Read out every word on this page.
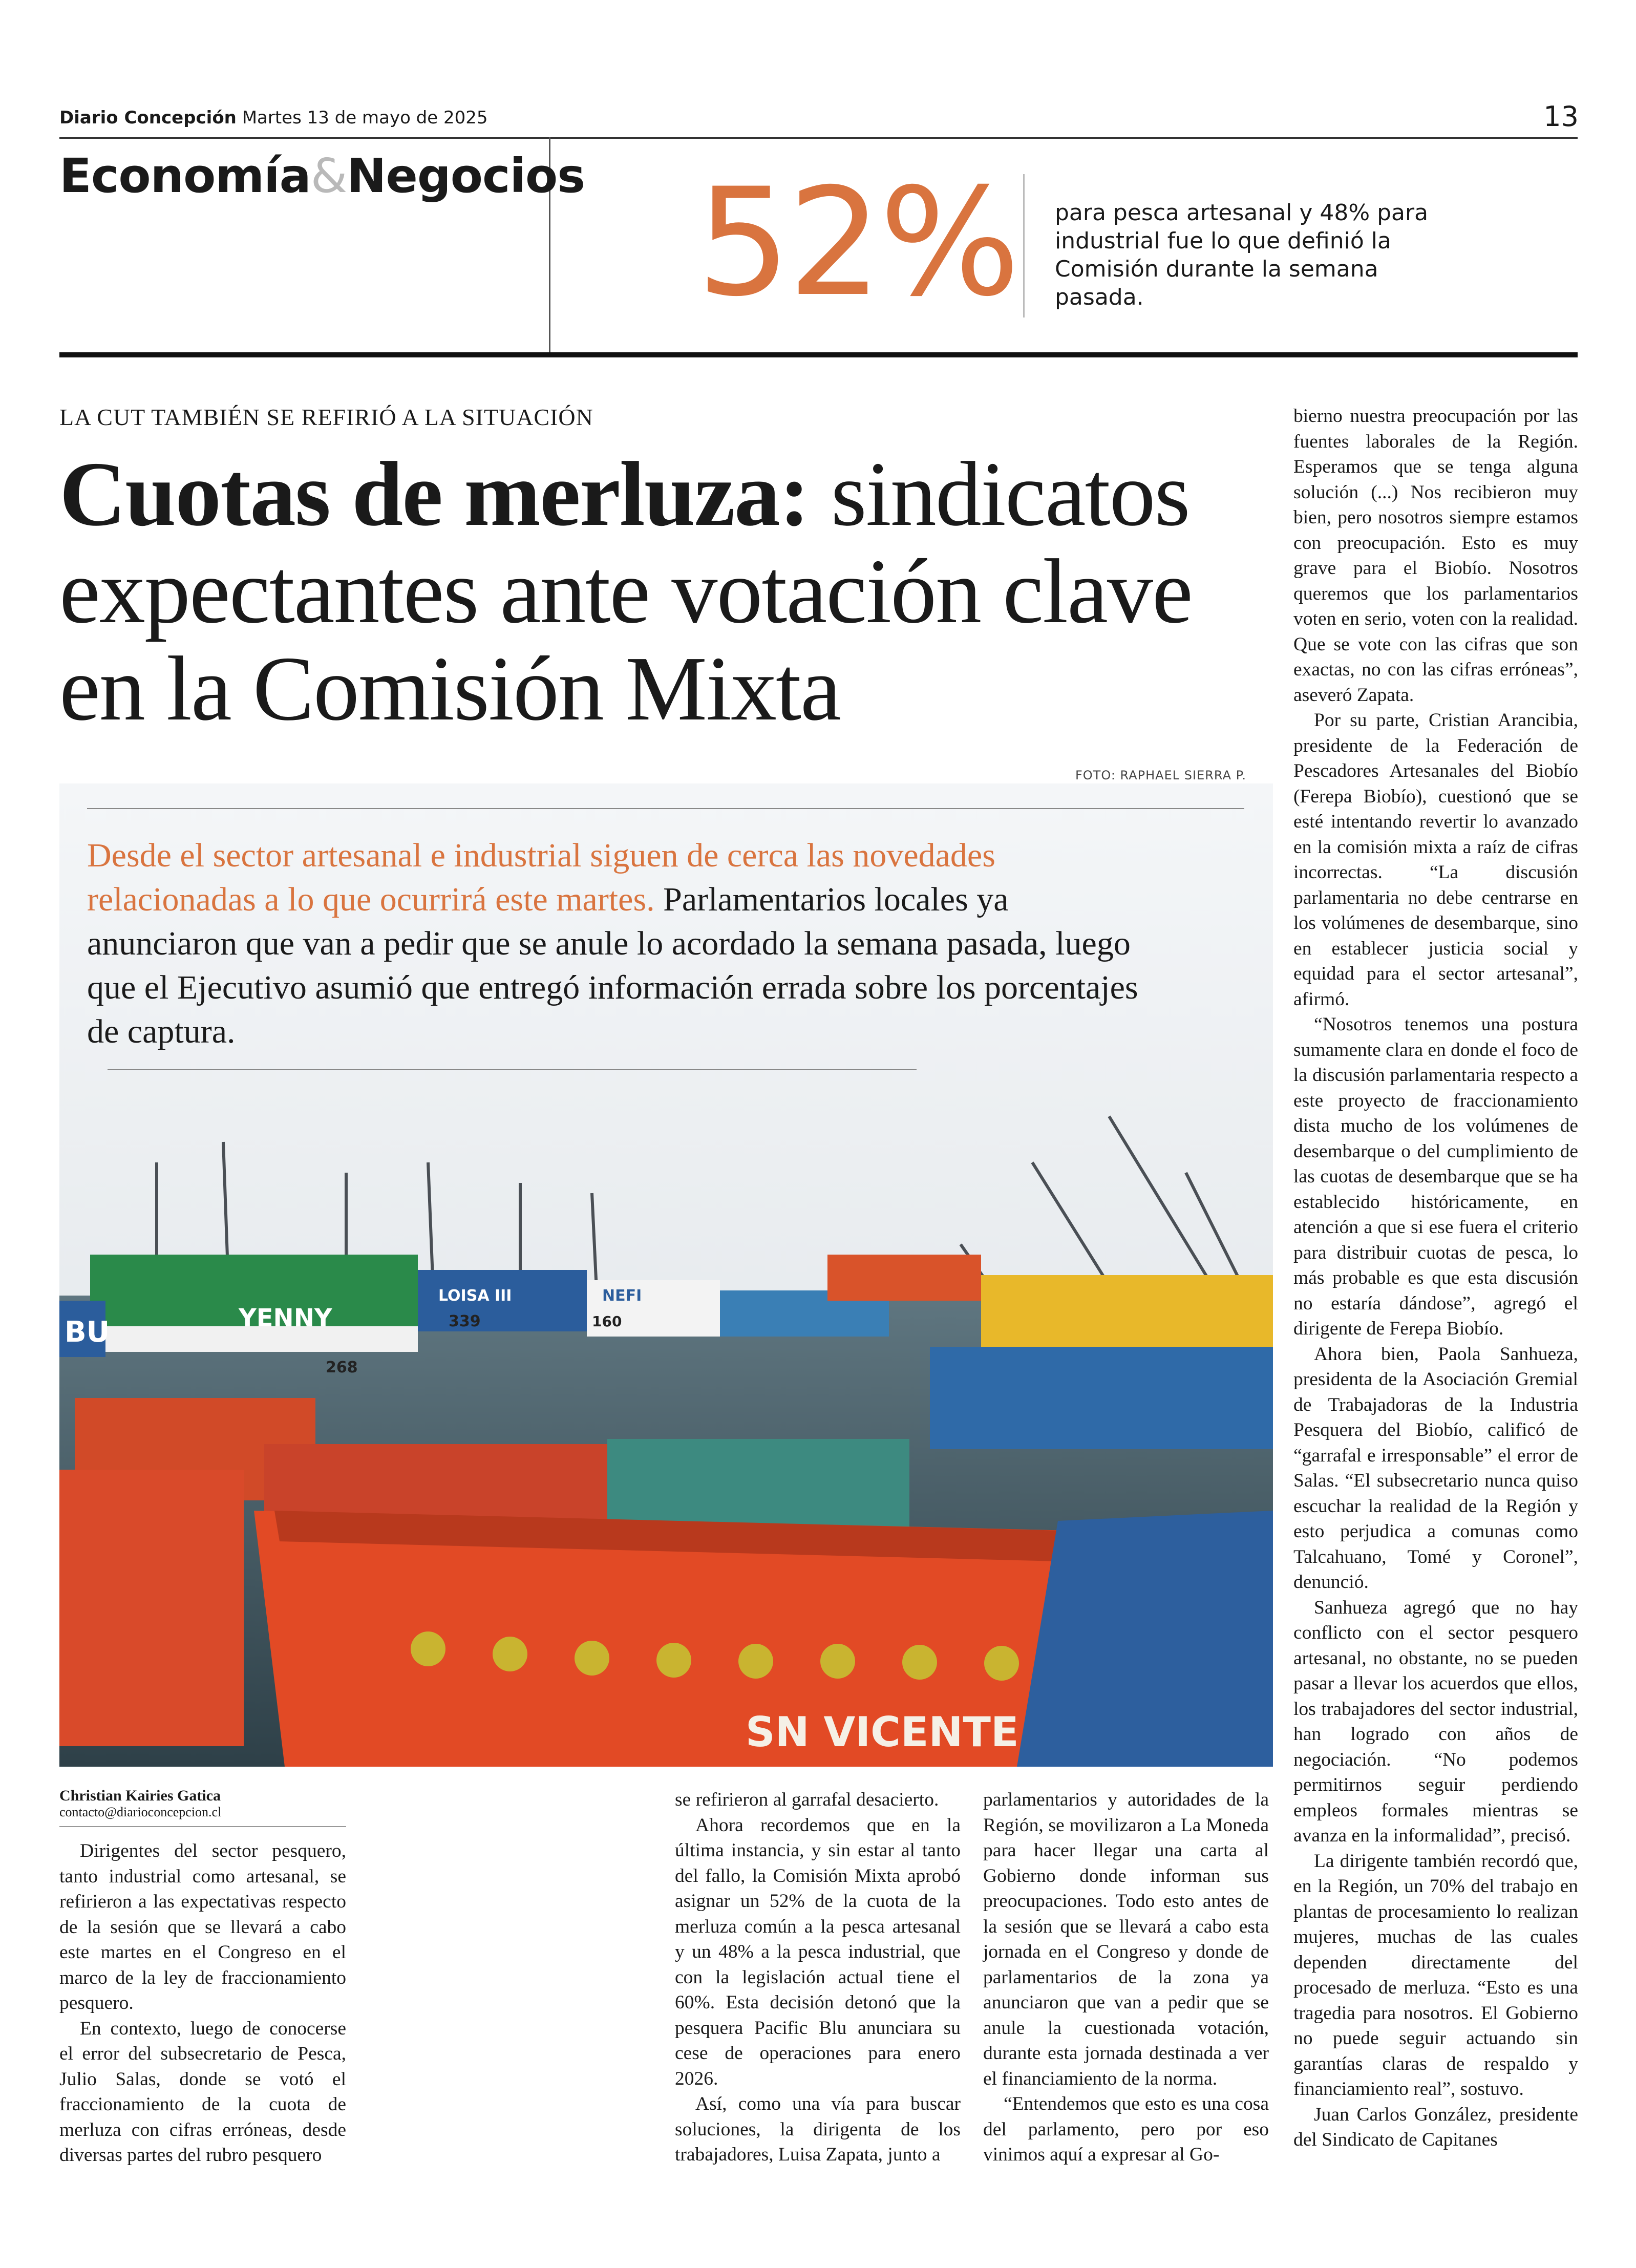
Diario Concepción Martes 13 de mayo de 2025	13
Economía&Negocios 52% para pesca artesanal y 48% para industrial fue lo que definió la Comisión durante la semana pasada.
LA CUT TAMBIÉN SE REFIRIÓ A LA SITUACIÓN
Cuotas de merluza: sindicatos expectantes ante votación clave en la Comisión Mixta
FOTO: RAPHAEL SIERRA P.
YENNY
268
LOISA III
339
NEFI
160
BU
SN VICENTE
Desde el sector artesanal e industrial siguen de cerca las novedades relacionadas a lo que ocurrirá este martes. Parlamentarios locales ya anunciaron que van a pedir que se anule lo acordado la semana pasada, luego que el Ejecutivo asumió que entregó información errada sobre los porcentajes de captura.
Christian Kairies Gatica
contacto@diarioconcepcion.cl

Dirigentes del sector pesquero, tanto industrial como artesanal, se refirieron a las expectativas respecto de la sesión que se llevará a cabo este martes en el Congreso en el marco de la ley de fraccionamiento pesquero.

En contexto, luego de conocerse el error del subsecretario de Pesca, Julio Salas, donde se votó el fraccionamiento de la cuota de merluza con cifras erróneas, desde diversas partes del rubro pesquero

se refirieron al garrafal desacierto.

Ahora recordemos que en la última instancia, y sin estar al tanto del fallo, la Comisión Mixta aprobó asignar un 52% de la cuota de la merluza común a la pesca artesanal y un 48% a la pesca industrial, que con la legislación actual tiene el 60%. Esta decisión detonó que la pesquera Pacific Blu anunciara su cese de operaciones para enero 2026.

Así, como una vía para buscar soluciones, la dirigenta de los trabajadores, Luisa Zapata, junto a

parlamentarios y autoridades de la Región, se movilizaron a La Moneda para hacer llegar una carta al Gobierno donde informan sus preocupaciones. Todo esto antes de la sesión que se llevará a cabo esta jornada en el Congreso y donde de parlamentarios de la zona ya anunciaron que van a pedir que se anule la cuestionada votación, durante esta jornada destinada a ver el financiamiento de la norma.

“Entendemos que esto es una cosa del parlamento, pero por eso vinimos aquí a expresar al Go-

bierno nuestra preocupación por las fuentes laborales de la Región. Esperamos que se tenga alguna solución (...) Nos recibieron muy bien, pero nosotros siempre estamos con preocupación. Esto es muy grave para el Biobío. Nosotros queremos que los parlamentarios voten en serio, voten con la realidad. Que se vote con las cifras que son exactas, no con las cifras erróneas”, aseveró Zapata.

Por su parte, Cristian Arancibia, presidente de la Federación de Pescadores Artesanales del Biobío (Ferepa Biobío), cuestionó que se esté intentando revertir lo avanzado en la comisión mixta a raíz de cifras incorrectas. “La discusión parlamentaria no debe centrarse en los volúmenes de desembarque, sino en establecer justicia social y equidad para el sector artesanal”, afirmó.

“Nosotros tenemos una postura sumamente clara en donde el foco de la discusión parlamentaria respecto a este proyecto de fraccionamiento dista mucho de los volúmenes de desembarque o del cumplimiento de las cuotas de desembarque que se ha establecido históricamente, en atención a que si ese fuera el criterio para distribuir cuotas de pesca, lo más probable es que esta discusión no estaría dándose”, agregó el dirigente de Ferepa Biobío.

Ahora bien, Paola Sanhueza, presidenta de la Asociación Gremial de Trabajadoras de la Industria Pesquera del Biobío, calificó de “garrafal e irresponsable” el error de Salas. “El subsecretario nunca quiso escuchar la realidad de la Región y esto perjudica a comunas como Talcahuano, Tomé y Coronel”, denunció.

Sanhueza agregó que no hay conflicto con el sector pesquero artesanal, no obstante, no se pueden pasar a llevar los acuerdos que ellos, los trabajadores del sector industrial, han logrado con años de negociación. “No podemos permitirnos seguir perdiendo empleos formales mientras se avanza en la informalidad”, precisó.

La dirigente también recordó que, en la Región, un 70% del trabajo en plantas de procesamiento lo realizan mujeres, muchas de las cuales dependen directamente del procesado de merluza. “Esto es una tragedia para nosotros. El Gobierno no puede seguir actuando sin garantías claras de respaldo y financiamiento real”, sostuvo.

Juan Carlos González, presidente del Sindicato de Capitanes
